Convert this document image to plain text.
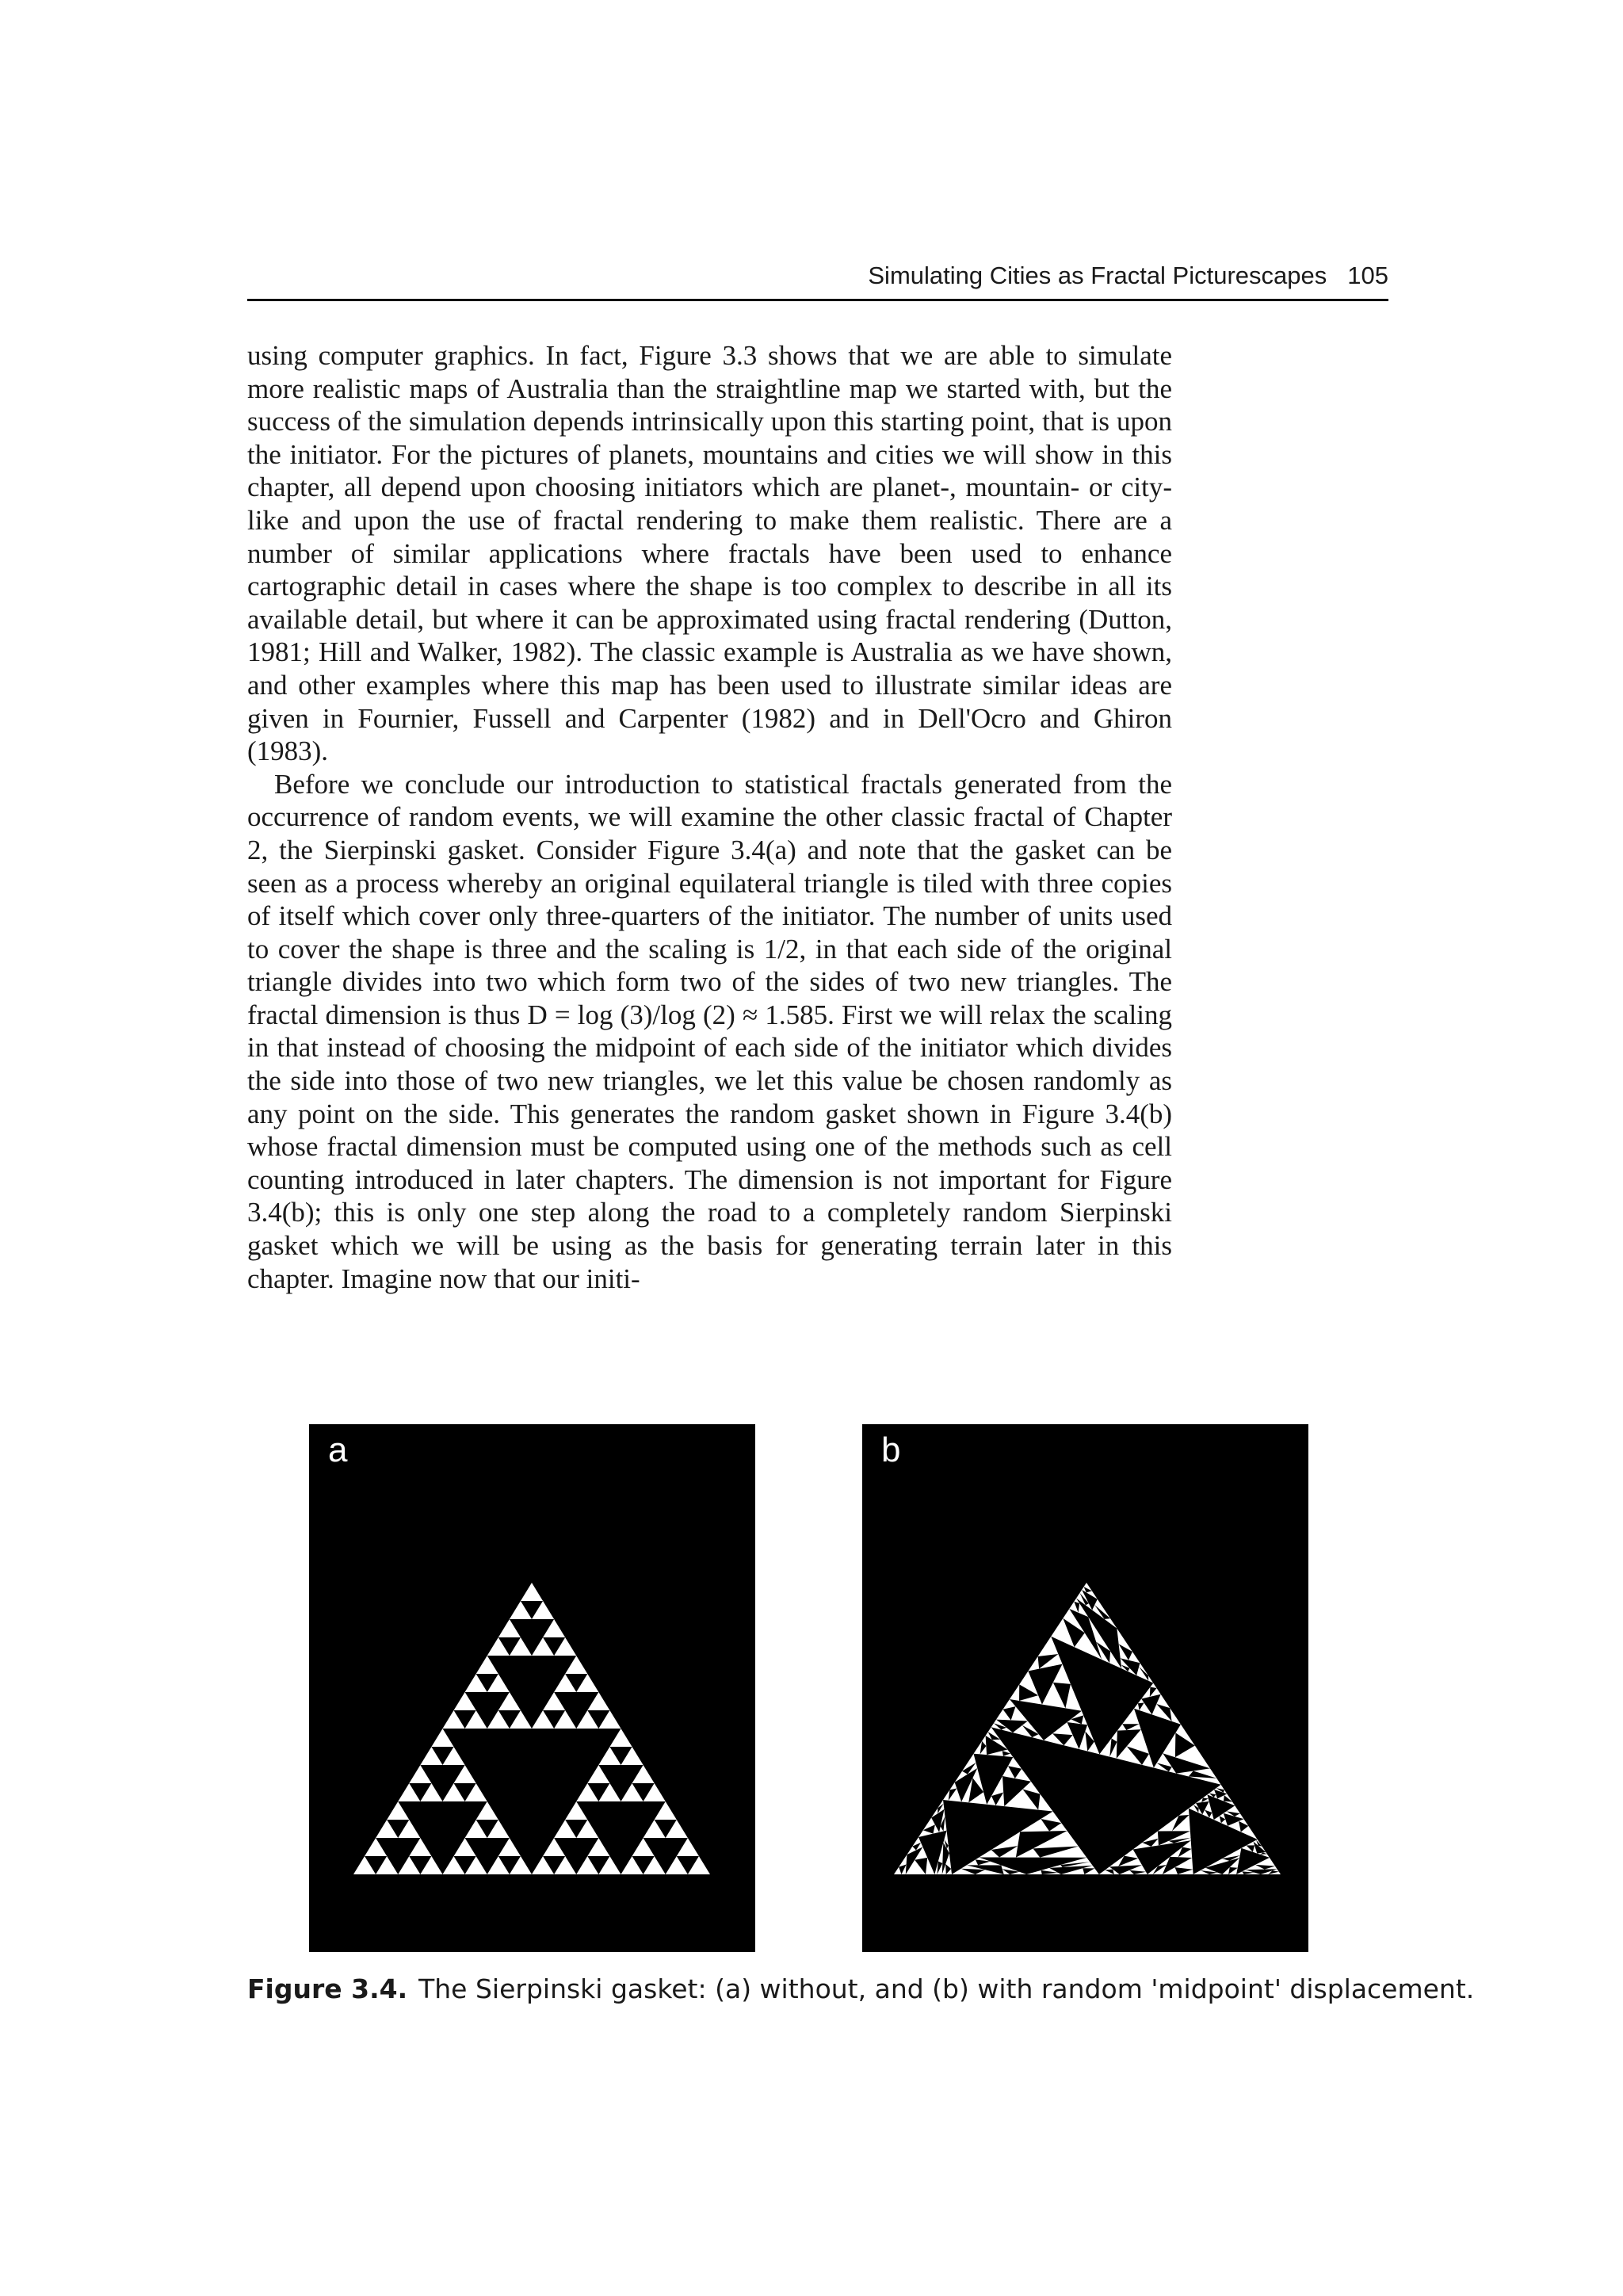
Simulating Cities as Fractal Picturescapes 105

using computer graphics. In fact, Figure 3.3 shows that we are able to simulate more realistic maps of Australia than the straightline map we started with, but the success of the simulation depends intrinsically upon this starting point, that is upon the initiator. For the pictures of planets, mountains and cities we will show in this chapter, all depend upon choosing initiators which are planet-, mountain- or city-like and upon the use of fractal rendering to make them realistic. There are a number of similar applications where fractals have been used to enhance cartographic detail in cases where the shape is too complex to describe in all its available detail, but where it can be approximated using fractal rendering (Dutton, 1981; Hill and Walker, 1982). The classic example is Australia as we have shown, and other examples where this map has been used to illustrate similar ideas are given in Fournier, Fussell and Carpenter (1982) and in Dell'Ocro and Ghiron (1983).

Before we conclude our introduction to statistical fractals generated from the occurrence of random events, we will examine the other classic fractal of Chapter 2, the Sierpinski gasket. Consider Figure 3.4(a) and note that the gasket can be seen as a process whereby an original equilateral triangle is tiled with three copies of itself which cover only three-quarters of the initiator. The number of units used to cover the shape is three and the scaling is 1/2, in that each side of the original triangle divides into two which form two of the sides of two new triangles. The fractal dimension is thus D = log (3)/log (2) ≈ 1.585. First we will relax the scaling in that instead of choosing the midpoint of each side of the initiator which divides the side into those of two new triangles, we let this value be chosen randomly as any point on the side. This generates the random gasket shown in Figure 3.4(b) whose fractal dimension must be computed using one of the methods such as cell counting introduced in later chapters. The dimension is not important for Figure 3.4(b); this is only one step along the road to a completely random Sierpinski gasket which we will be using as the basis for generating terrain later in this chapter. Imagine now that our initi-

a	b
Figure 3.4. The Sierpinski gasket: (a) without, and (b) with random 'midpoint' displacement.
